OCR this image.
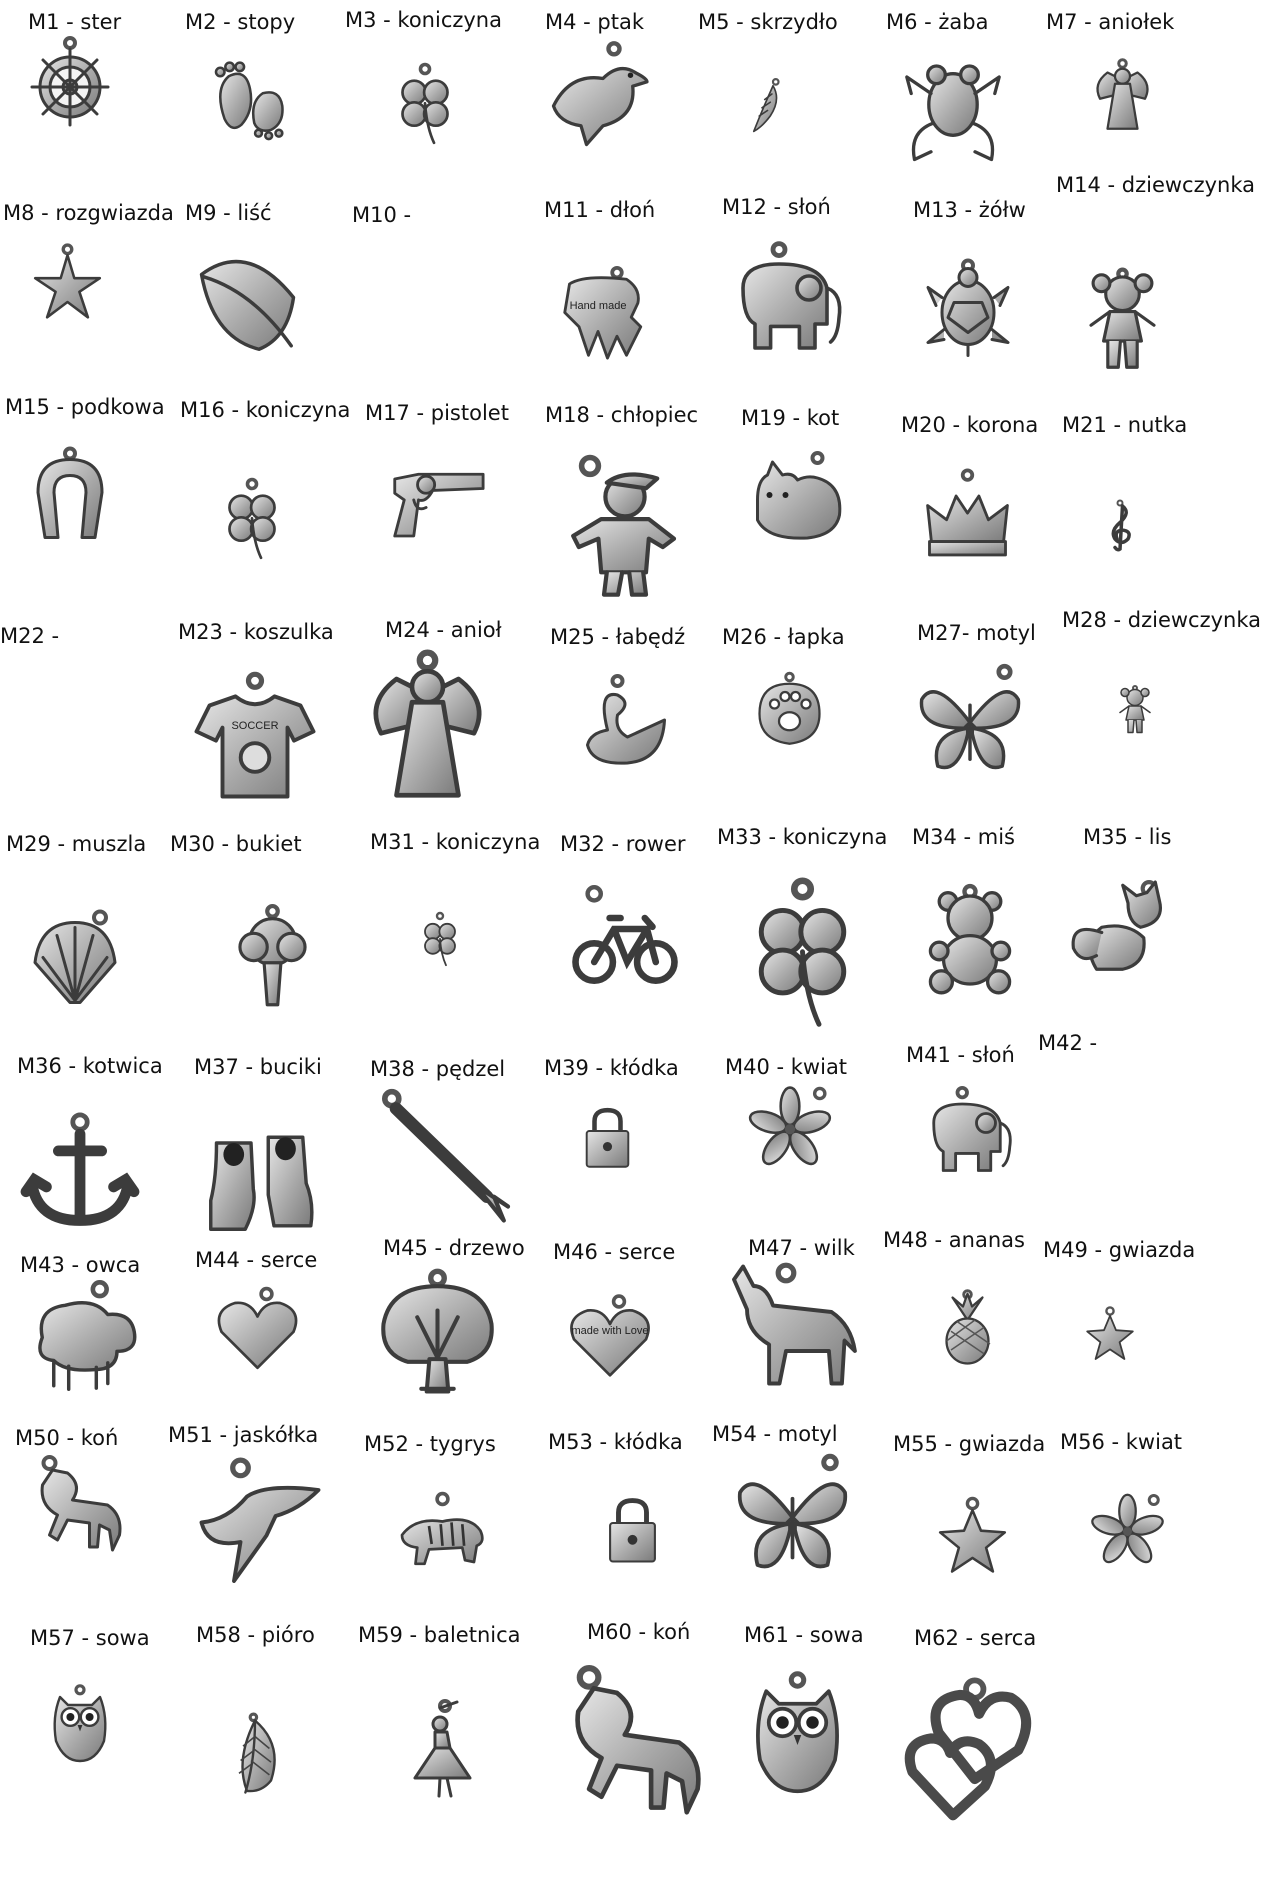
M1 - ster	M2 - stopy M3 - koniczyna M4 - ptak	M5 - skrzydło M6 - żaba	M7 - aniołek
M8 - rozgwiazda M9 - liść	M10 -	M11 - dłoń
Hand made
M12 - słoń	M13 - żółw
M14 - dziewczynka
M15 - podkowa M16 - koniczyna M17 - pistolet M18 - chłopiec M19 - kot	M20 - korona M21 - nutka
M22 -	M23 - koszulka
SOCCER
M24 - anioł M25 - łabędź M26 - łapka	M27- motyl
M28 - dziewczynka
M29 - muszla M30 - bukiet	M31 - koniczyna M32 - rower M33 - koniczyna M34 - miś	M35 - lis
M36 - kotwica M37 - buciki M38 - pędzel M39 - kłódka M40 - kwiat	M41 - słoń M42 -
M43 - owca	M44 - serce	M45 - drzewo M46 - serce
made with Love
M47 - wilk M48 - ananas M49 - gwiazda
M50 - koń M51 - jaskółka M52 - tygrys M53 - kłódka M54 - motyl	M55 - gwiazda M56 - kwiat
M57 - sowa M58 - pióro M59 - baletnica	M60 - koń	M61 - sowa M62 - serca
